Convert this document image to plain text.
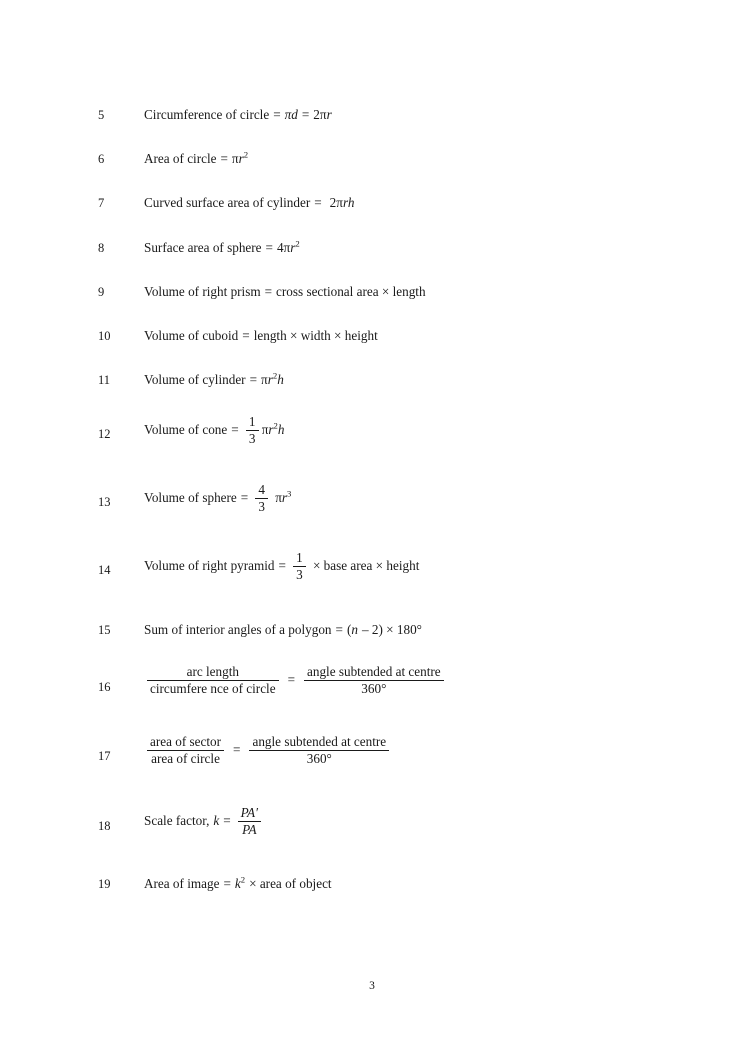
5	Circumference of circle = πd = 2πr
6	Area of circle = $\pi r^2$
7	Curved surface area of cylinder = 2πrh
8	Surface area of sphere = $4\pi r^2$
9	Volume of right prism = cross sectional area × length
10	Volume of cuboid = length × width × height
11	Volume of cylinder = $\pi r^2h$
12	Volume of cone = $\frac{1}{3} \pi r^2h$
13	Volume of sphere = $\frac{4}{3} \pi r^3$
14	Volume of right pyramid = $\frac{1}{3}$ × base area × height
15	Sum of interior angles of a polygon = ( n – 2) × 180°
16	$\frac{\text{arc length}}{\text{circumfere nce of circle}} = \frac{\text{angle subtended at centre}}{360^\circ}$
17	$\frac{\text{area of sector}}{\text{area of circle}} = \frac{\text{angle subtended at centre}}{360^\circ}$
18	Scale factor, $k = \frac{PA'}{PA}$
19	Area of image = $k^2$ × area of object
3
